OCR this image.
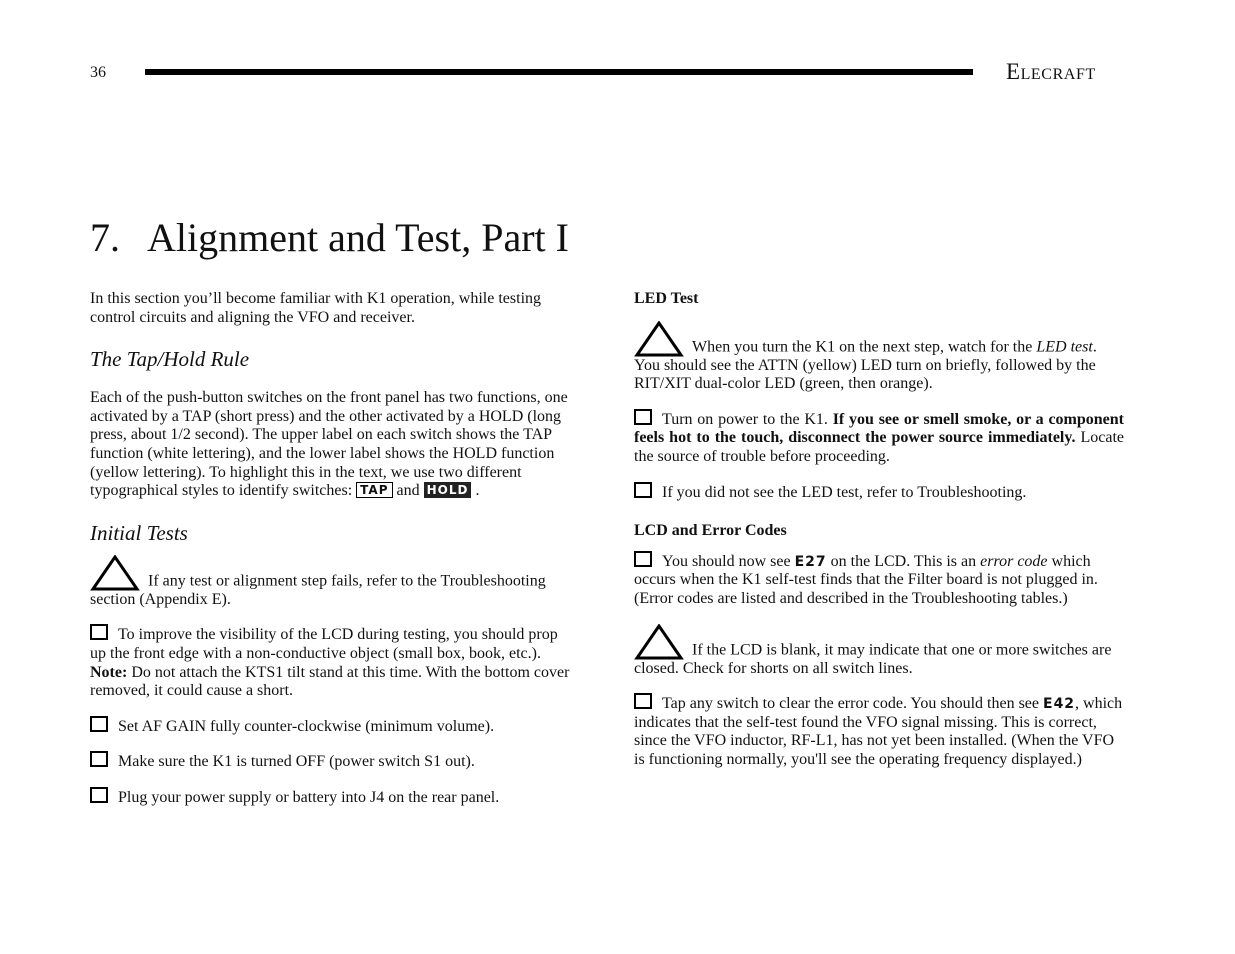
36	ELECRAFT
7. Alignment and Test, Part I

In this section you’ll become familiar with K1 operation, while testing control circuits and aligning the VFO and receiver.

The Tap/Hold Rule

Each of the push-button switches on the front panel has two functions, one activated by a TAP (short press) and the other activated by a HOLD (long press, about 1/2 second). The upper label on each switch shows the TAP function (white lettering), and the lower label shows the HOLD function (yellow lettering). To highlight this in the text, we use two different typographical styles to identify switches: TAP and HOLD .

Initial Tests

If any test or alignment step fails, refer to the Troubleshooting section (Appendix E).

To improve the visibility of the LCD during testing, you should prop up the front edge with a non-conductive object (small box, book, etc.). Note: Do not attach the KTS1 tilt stand at this time. With the bottom cover removed, it could cause a short.

Set AF GAIN fully counter-clockwise (minimum volume).

Make sure the K1 is turned OFF (power switch S1 out).

Plug your power supply or battery into J4 on the rear panel.

LED Test

When you turn the K1 on the next step, watch for the LED test. You should see the ATTN (yellow) LED turn on briefly, followed by the RIT/XIT dual-color LED (green, then orange).

Turn on power to the K1. If you see or smell smoke, or a component feels hot to the touch, disconnect the power source immediately. Locate the source of trouble before proceeding.

If you did not see the LED test, refer to Troubleshooting.

LCD and Error Codes

You should now see E27 on the LCD. This is an error code which occurs when the K1 self-test finds that the Filter board is not plugged in. (Error codes are listed and described in the Troubleshooting tables.)

If the LCD is blank, it may indicate that one or more switches are closed. Check for shorts on all switch lines.

Tap any switch to clear the error code. You should then see E42, which indicates that the self-test found the VFO signal missing. This is correct, since the VFO inductor, RF-L1, has not yet been installed. (When the VFO is functioning normally, you'll see the operating frequency displayed.)
